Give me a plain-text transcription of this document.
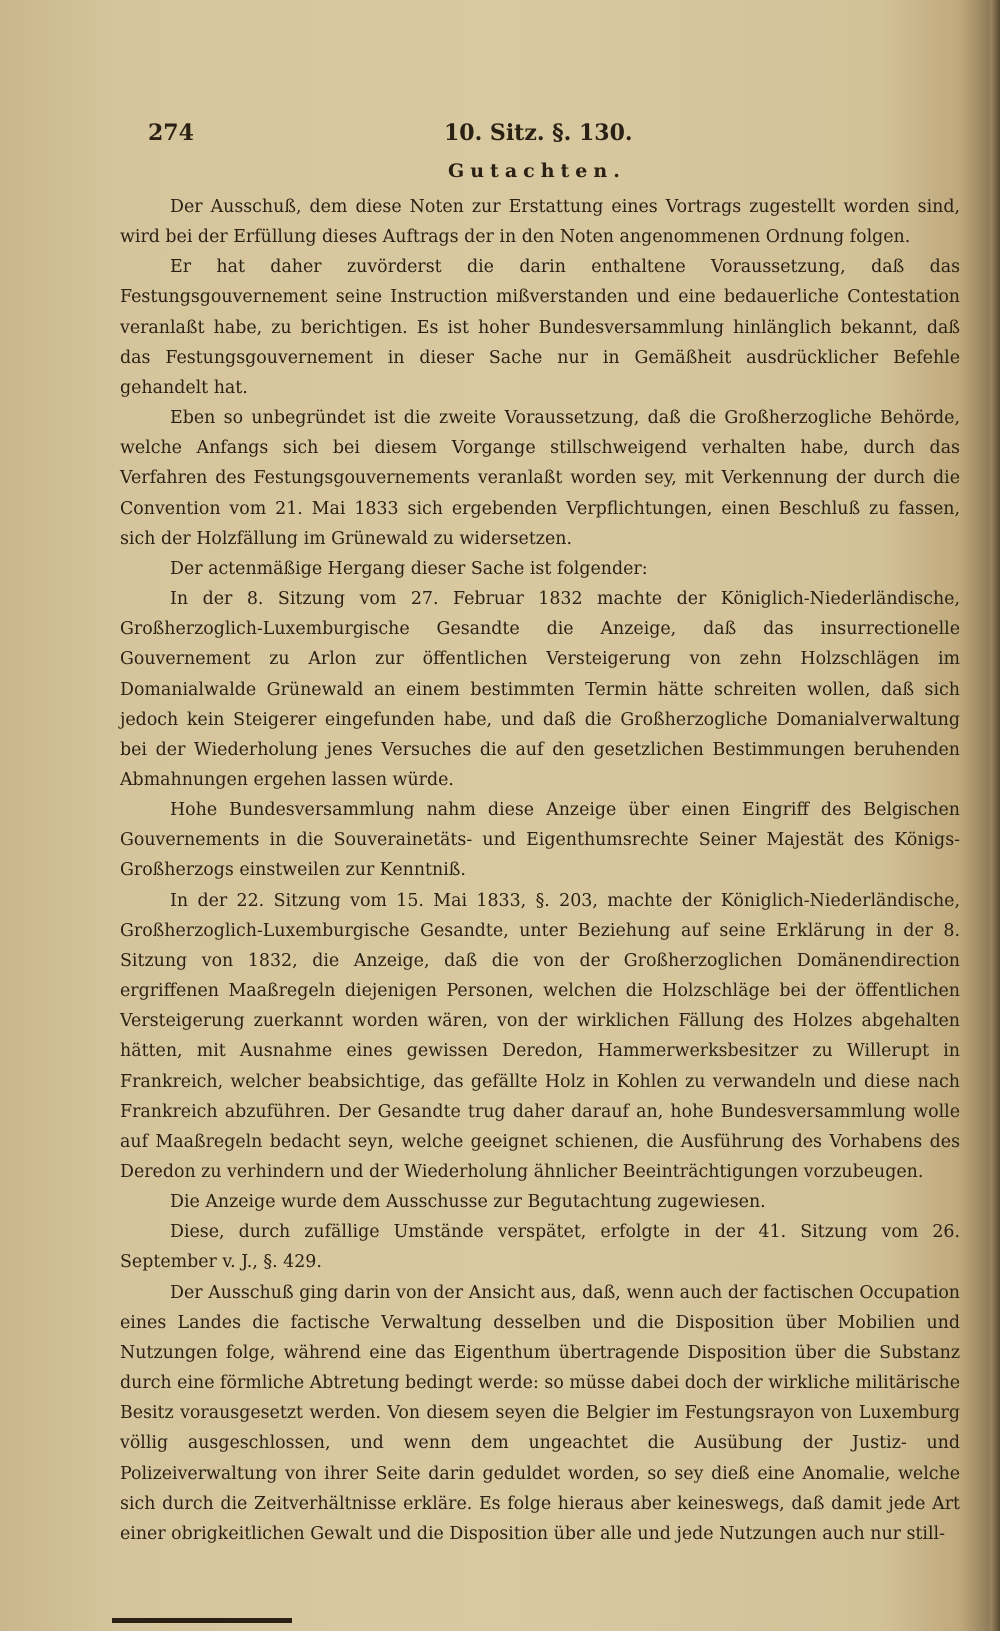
274	10. Sitz. §. 130.
Gutachten.

Der Ausschuß, dem diese Noten zur Erstattung eines Vortrags zugestellt worden sind, wird bei der Erfüllung dieses Auftrags der in den Noten angenommenen Ordnung folgen.

Er hat daher zuvörderst die darin enthaltene Voraussetzung, daß das Festungsgouvernement seine Instruction mißverstanden und eine bedauerliche Contestation veranlaßt habe, zu berichtigen. Es ist hoher Bundesversammlung hinlänglich bekannt, daß das Festungsgouvernement in dieser Sache nur in Gemäßheit ausdrücklicher Befehle gehandelt hat.

Eben so unbegründet ist die zweite Voraussetzung, daß die Großherzogliche Behörde, welche Anfangs sich bei diesem Vorgange stillschweigend verhalten habe, durch das Verfahren des Festungsgouvernements veranlaßt worden sey, mit Verkennung der durch die Convention vom 21. Mai 1833 sich ergebenden Verpflichtungen, einen Beschluß zu fassen, sich der Holzfällung im Grünewald zu widersetzen.

Der actenmäßige Hergang dieser Sache ist folgender:

In der 8. Sitzung vom 27. Februar 1832 machte der Königlich-Niederländische, Großherzoglich-Luxemburgische Gesandte die Anzeige, daß das insurrectionelle Gouvernement zu Arlon zur öffentlichen Versteigerung von zehn Holzschlägen im Domanialwalde Grünewald an einem bestimmten Termin hätte schreiten wollen, daß sich jedoch kein Steigerer eingefunden habe, und daß die Großherzogliche Domanialverwaltung bei der Wiederholung jenes Versuches die auf den gesetzlichen Bestimmungen beruhenden Abmahnungen ergehen lassen würde.

Hohe Bundesversammlung nahm diese Anzeige über einen Eingriff des Belgischen Gouvernements in die Souverainetäts- und Eigenthumsrechte Seiner Majestät des Königs-Großherzogs einstweilen zur Kenntniß.

In der 22. Sitzung vom 15. Mai 1833, §. 203, machte der Königlich-Niederländische, Großherzoglich-Luxemburgische Gesandte, unter Beziehung auf seine Erklärung in der 8. Sitzung von 1832, die Anzeige, daß die von der Großherzoglichen Domänendirection ergriffenen Maaßregeln diejenigen Personen, welchen die Holzschläge bei der öffentlichen Versteigerung zuerkannt worden wären, von der wirklichen Fällung des Holzes abgehalten hätten, mit Ausnahme eines gewissen Deredon, Hammerwerksbesitzer zu Willerupt in Frankreich, welcher beabsichtige, das gefällte Holz in Kohlen zu verwandeln und diese nach Frankreich abzuführen. Der Gesandte trug daher darauf an, hohe Bundesversammlung wolle auf Maaßregeln bedacht seyn, welche geeignet schienen, die Ausführung des Vorhabens des Deredon zu verhindern und der Wiederholung ähnlicher Beeinträchtigungen vorzubeugen.

Die Anzeige wurde dem Ausschusse zur Begutachtung zugewiesen.

Diese, durch zufällige Umstände verspätet, erfolgte in der 41. Sitzung vom 26. September v. J., §. 429.

Der Ausschuß ging darin von der Ansicht aus, daß, wenn auch der factischen Occupation eines Landes die factische Verwaltung desselben und die Disposition über Mobilien und Nutzungen folge, während eine das Eigenthum übertragende Disposition über die Substanz durch eine förmliche Abtretung bedingt werde: so müsse dabei doch der wirkliche militärische Besitz vorausgesetzt werden. Von diesem seyen die Belgier im Festungsrayon von Luxemburg völlig ausgeschlossen, und wenn dem ungeachtet die Ausübung der Justiz- und Polizeiverwaltung von ihrer Seite darin geduldet worden, so sey dieß eine Anomalie, welche sich durch die Zeitverhältnisse erkläre. Es folge hieraus aber keineswegs, daß damit jede Art einer obrigkeitlichen Gewalt und die Disposition über alle und jede Nutzungen auch nur still-
